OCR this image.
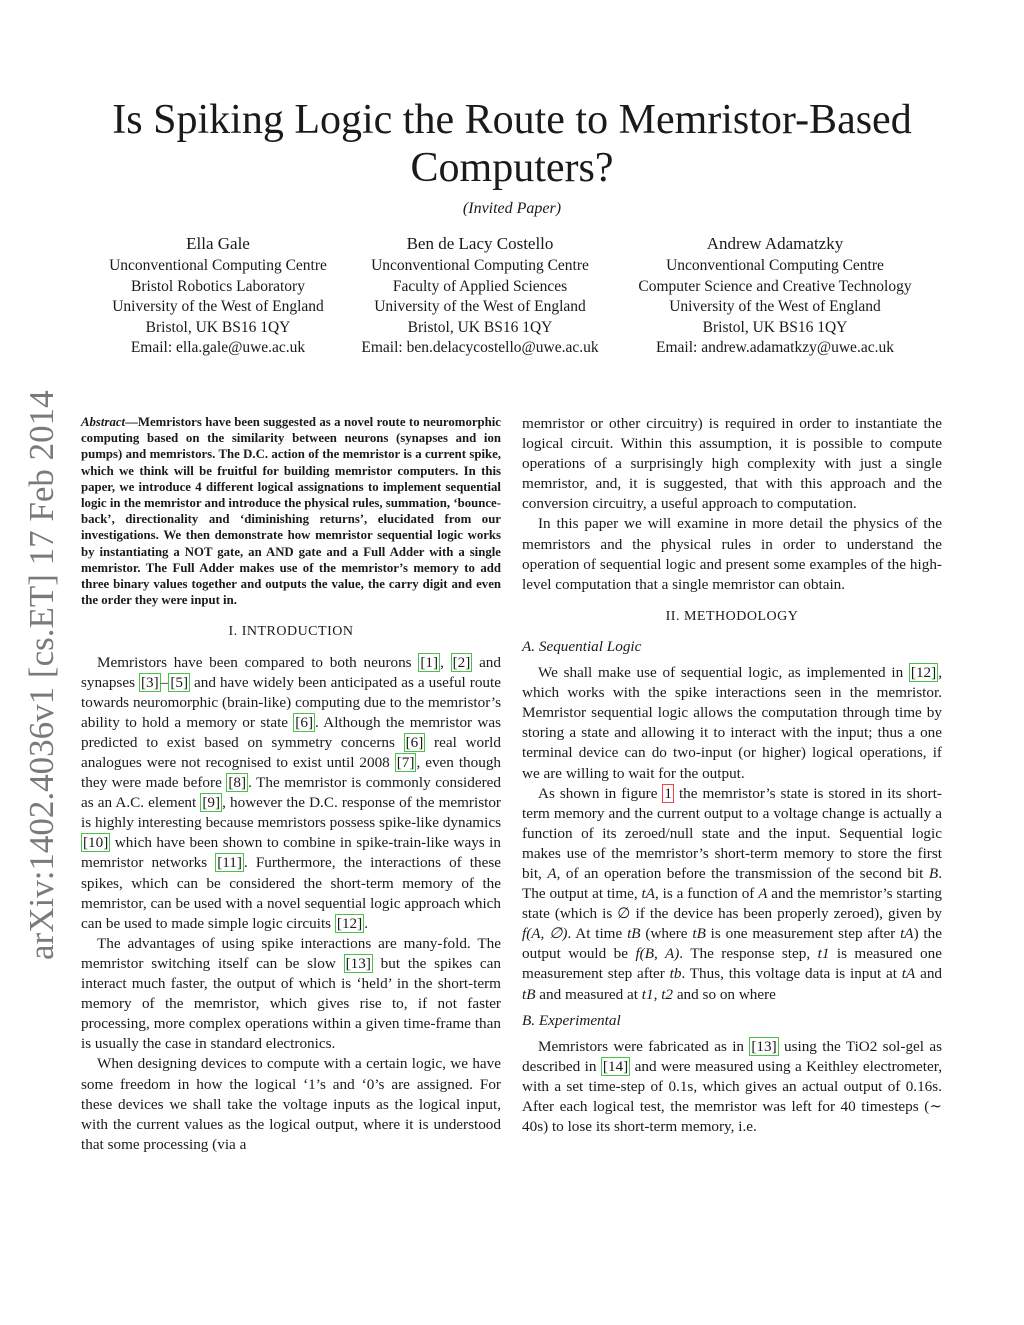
arXiv:1402.4036v1 [cs.ET] 17 Feb 2014
Is Spiking Logic the Route to Memristor-Based Computers?
(Invited Paper)
Ella Gale
Unconventional Computing Centre
Bristol Robotics Laboratory
University of the West of England
Bristol, UK BS16 1QY
Email: ella.gale@uwe.ac.uk
Ben de Lacy Costello
Unconventional Computing Centre
Faculty of Applied Sciences
University of the West of England
Bristol, UK BS16 1QY
Email: ben.delacycostello@uwe.ac.uk
Andrew Adamatzky
Unconventional Computing Centre
Computer Science and Creative Technology
University of the West of England
Bristol, UK BS16 1QY
Email: andrew.adamatkzy@uwe.ac.uk

Abstract—Memristors have been suggested as a novel route to neuromorphic computing based on the similarity between neurons (synapses and ion pumps) and memristors. The D.C. action of the memristor is a current spike, which we think will be fruitful for building memristor computers. In this paper, we introduce 4 different logical assignations to implement sequential logic in the memristor and introduce the physical rules, summation, ‘bounce-back’, directionality and ‘diminishing returns’, elucidated from our investigations. We then demonstrate how memristor sequential logic works by instantiating a NOT gate, an AND gate and a Full Adder with a single memristor. The Full Adder makes use of the memristor’s memory to add three binary values together and outputs the value, the carry digit and even the order they were input in.

I. INTRODUCTION

Memristors have been compared to both neurons [1] , [2] and synapses [3] – [5] and have widely been anticipated as a useful route towards neuromorphic (brain-like) computing due to the memristor’s ability to hold a memory or state [6] . Although the memristor was predicted to exist based on symmetry concerns [6] real world analogues were not recognised to exist until 2008 [7] , even though they were made before [8] . The memristor is commonly considered as an A.C. element [9] , however the D.C. response of the memristor is highly interesting because memristors possess spike-like dynamics [10] which have been shown to combine in spike-train-like ways in memristor networks [11] . Furthermore, the interactions of these spikes, which can be considered the short-term memory of the memristor, can be used with a novel sequential logic approach which can be used to made simple logic circuits [12] .

The advantages of using spike interactions are many-fold. The memristor switching itself can be slow [13] but the spikes can interact much faster, the output of which is ‘held’ in the short-term memory of the memristor, which gives rise to, if not faster processing, more complex operations within a given time-frame than is usually the case in standard electronics.

When designing devices to compute with a certain logic, we have some freedom in how the logical ‘1’s and ‘0’s are assigned. For these devices we shall take the voltage inputs as the logical input, with the current values as the logical output, where it is understood that some processing (via a

memristor or other circuitry) is required in order to instantiate the logical circuit. Within this assumption, it is possible to compute operations of a surprisingly high complexity with just a single memristor, and, it is suggested, that with this approach and the conversion circuitry, a useful approach to computation.

In this paper we will examine in more detail the physics of the memristors and the physical rules in order to understand the operation of sequential logic and present some examples of the high-level computation that a single memristor can obtain.

II. METHODOLOGY
A. Sequential Logic

We shall make use of sequential logic, as implemented in [12] , which works with the spike interactions seen in the memristor. Memristor sequential logic allows the computation through time by storing a state and allowing it to interact with the input; thus a one terminal device can do two-input (or higher) logical operations, if we are willing to wait for the output.

As shown in figure 1 the memristor’s state is stored in its short-term memory and the current output to a voltage change is actually a function of its zeroed/null state and the input. Sequential logic makes use of the memristor’s short-term memory to store the first bit, A, of an operation before the transmission of the second bit B. The output at time, tA, is a function of A and the memristor’s starting state (which is ∅ if the device has been properly zeroed), given by f(A, ∅). At time tB (where tB is one measurement step after tA) the output would be f(B, A). The response step, t1 is measured one measurement step after tb. Thus, this voltage data is input at tA and tB and measured at t1, t2 and so on where

B. Experimental

Memristors were fabricated as in [13] using the TiO2 sol-gel as described in [14] and were measured using a Keithley electrometer, with a set time-step of 0.1s, which gives an actual output of 0.16s. After each logical test, the memristor was left for 40 timesteps (∼ 40s) to lose its short-term memory, i.e.
